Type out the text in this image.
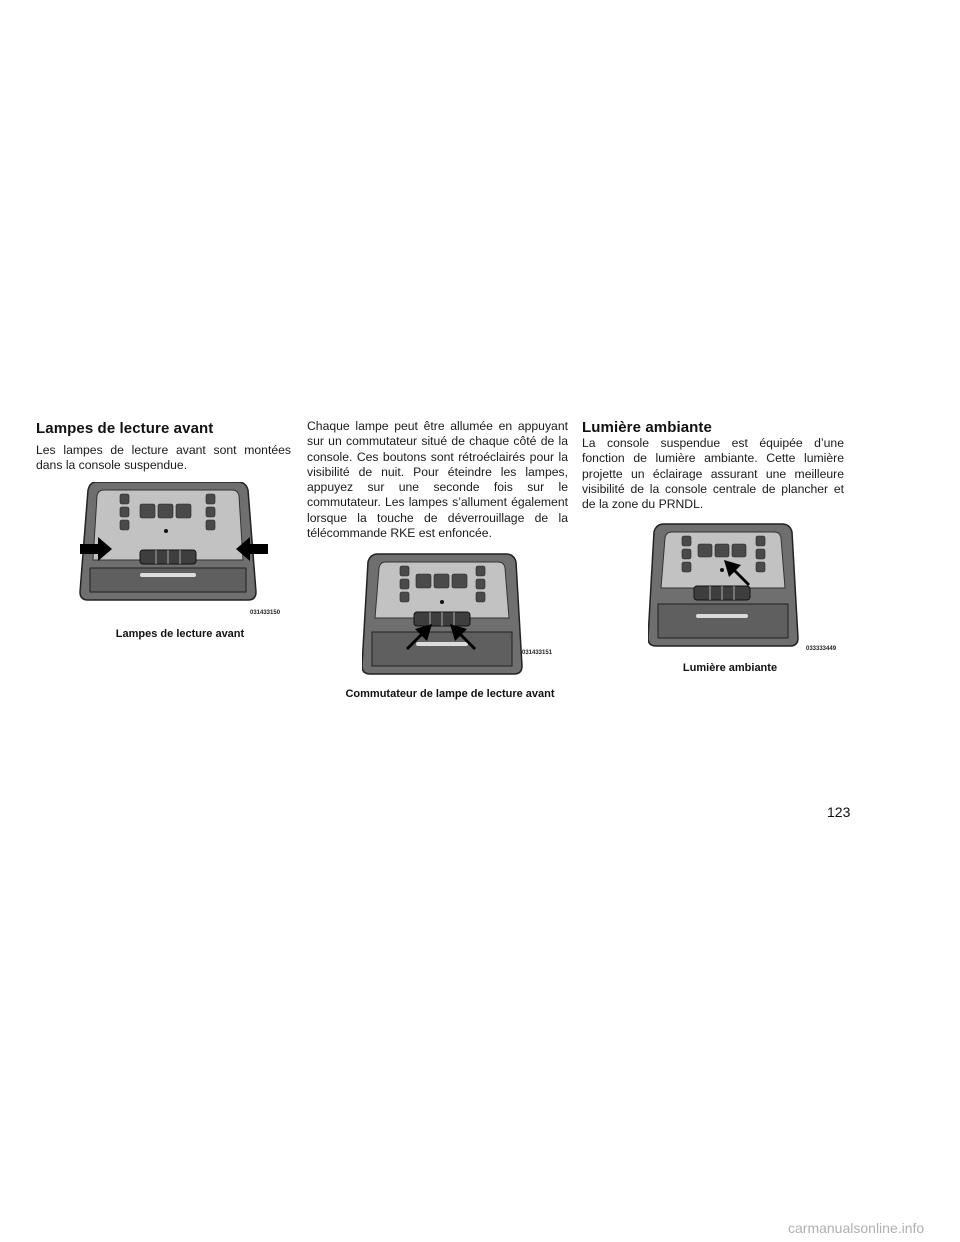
Lampes de lecture avant

Les lampes de lecture avant sont montées dans la console suspendue.

031433150
Lampes de lecture avant

Chaque lampe peut être allumée en appuyant sur un commutateur situé de chaque côté de la console. Ces boutons sont rétroéclairés pour la visibilité de nuit. Pour éteindre les lampes, appuyez sur une seconde fois sur le commutateur. Les lampes s’allument également lorsque la touche de déverrouillage de la télécommande RKE est enfoncée.

031433151
Commutateur de lampe de lecture avant
Lumière ambiante

La console suspendue est équipée d’une fonction de lumière ambiante. Cette lumière projette un éclairage assurant une meilleure visibilité de la console centrale de plancher et de la zone du PRNDL.

033333449
Lumière ambiante
123
carmanualsonline.info
